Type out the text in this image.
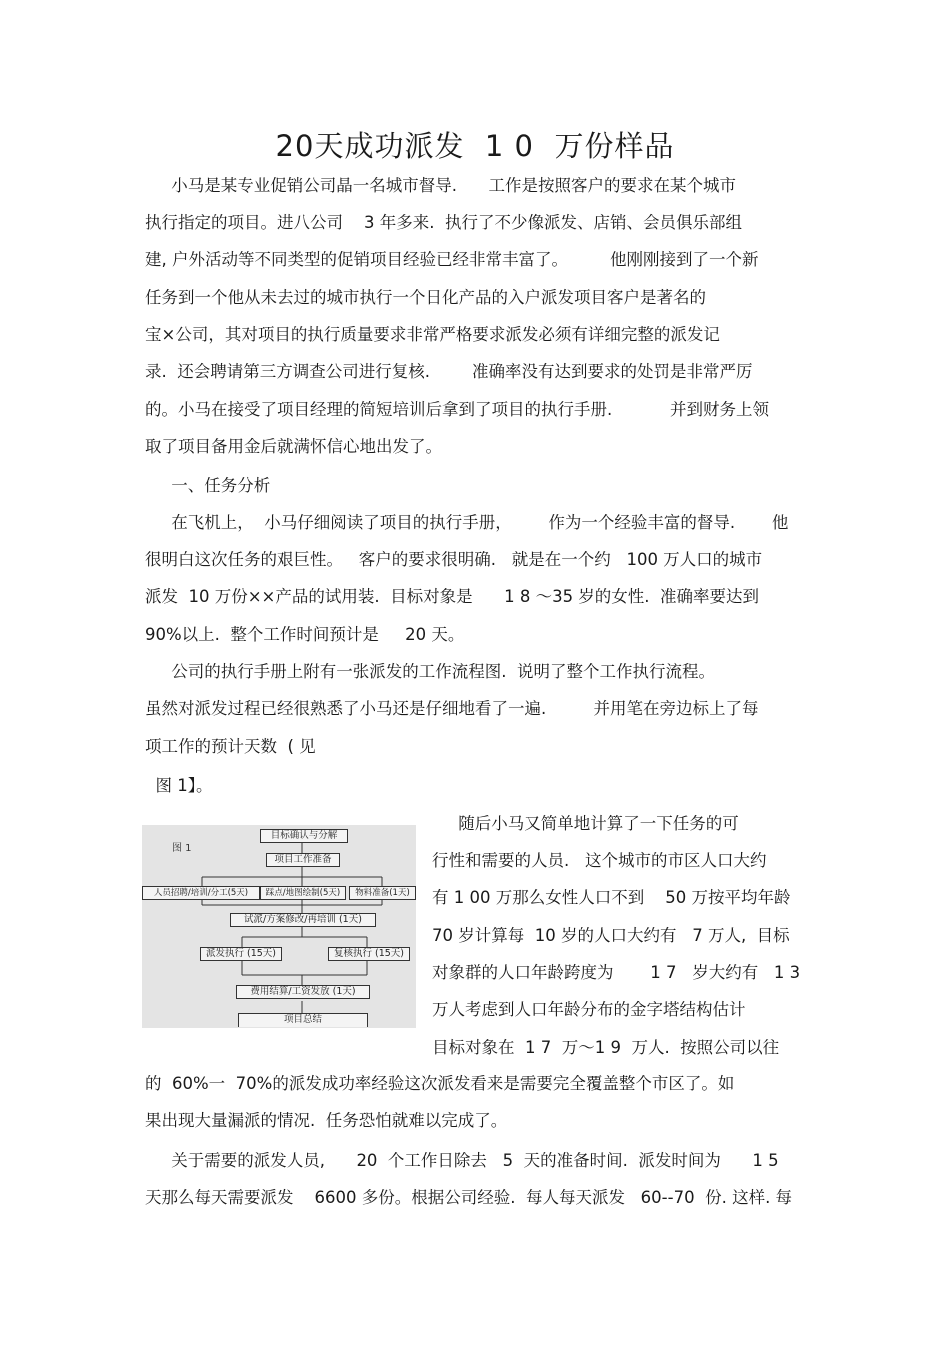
20天成功派发  1 0  万份样品
小马是某专业促销公司晶一名城市督导.      工作是按照客户的要求在某个城市
执行指定的项目。进八公司    3 年多来.  执行了不少像派发、店销、会员俱乐部组
建, 户外活动等不同类型的促销项目经验已经非常丰富了。        他刚刚接到了一个新
任务到一个他从未去过的城市执行一个日化产品的入户派发项目客户是著名的
宝×公司，其对项目的执行质量要求非常严格要求派发必须有详细完整的派发记
录.  还会聘请第三方调查公司进行复核.        准确率没有达到要求的处罚是非常严厉
的。小马在接受了项目经理的简短培训后拿到了项目的执行手册.           并到财务上领
取了项目备用金后就满怀信心地出发了。
一、任务分析
在飞机上，  小马仔细阅读了项目的执行手册，       作为一个经验丰富的督导.       他
很明白这次任务的艰巨性。   客户的要求很明确.   就是在一个约   100 万人口的城市
派发  10 万份××产品的试用装.  目标对象是      1 8 ～35 岁的女性.  准确率要达到
90%以上.  整个工作时间预计是     20 天。
公司的执行手册上附有一张派发的工作流程图.  说明了整个工作执行流程。
虽然对派发过程已经很熟悉了小马还是仔细地看了一遍.         并用笔在旁边标上了每
项工作的预计天数  ( 见
图 1】。
图 1
目标确认与分解
项目工作准备
人员招聘/培训/分工(5天)	踩点/地图绘制(5天)	物料准备(1天)
试派/方案修改/再培训 (1天)
派发执行 (15天)	复核执行 (15天)
费用结算/工资发放 (1天)
项目总结
随后小马又简单地计算了一下任务的可
行性和需要的人员.   这个城市的市区人口大约
有 1 00 万那么女性人口不到    50 万按平均年龄
70 岁计算每  10 岁的人口大约有   7 万人,  目标
对象群的人口年龄跨度为       1 7   岁大约有   1 3
万人考虑到人口年龄分布的金字塔结构估计
目标对象在  1 7  万～1 9  万人.  按照公司以往
的  60%一  70%的派发成功率经验这次派发看来是需要完全覆盖整个市区了。如
果出现大量漏派的情况.  任务恐怕就难以完成了。
关于需要的派发人员,      20  个工作日除去   5  天的准备时间.  派发时间为      1 5
天那么每天需要派发    6600 多份。根据公司经验.  每人每天派发   60--70  份. 这样. 每
